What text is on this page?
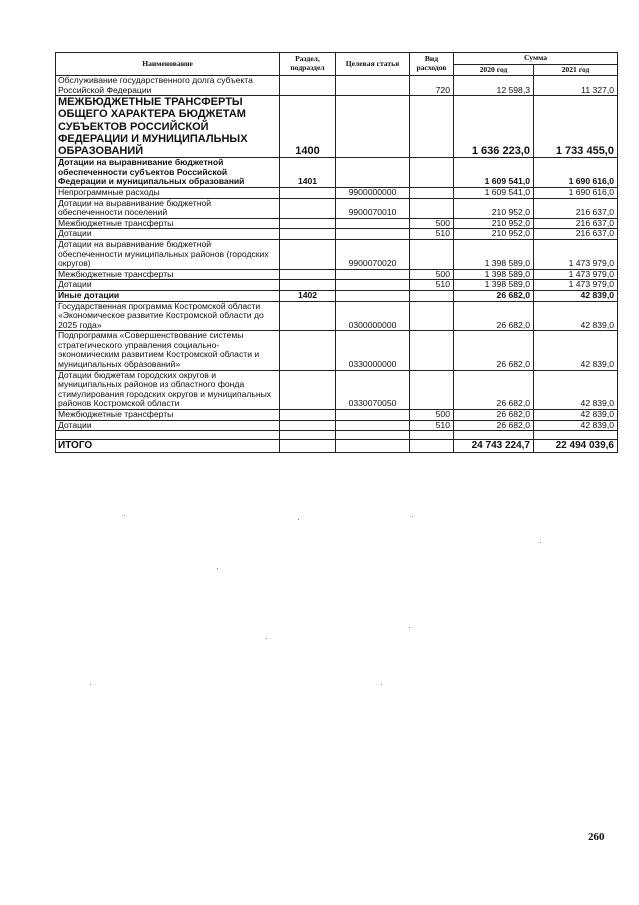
Наименование	Раздел, подраздел	Целевая статья	Вид расходов	Сумма	
				2020 год	2021 год
Обслуживание государственного долга субъекта Российской Федерации			720	12 598,3	11 327,0
МЕЖБЮДЖЕТНЫЕ ТРАНСФЕРТЫ ОБЩЕГО ХАРАКТЕРА БЮДЖЕТАМ СУБЪЕКТОВ РОССИЙСКОЙ ФЕДЕРАЦИИ И МУНИЦИПАЛЬНЫХ ОБРАЗОВАНИЙ	1400			1 636 223,0	1 733 455,0
Дотации на выравнивание бюджетной обеспеченности субъектов Российской Федерации и муниципальных образований	1401			1 609 541,0	1 690 616,0
Непрограммные расходы		9900000000		1 609 541,0	1 690 616,0
Дотации на выравнивание бюджетной обеспеченности поселений		9900070010		210 952,0	216 637,0
Межбюджетные трансферты			500	210 952,0	216 637,0
Дотации			510	210 952,0	216 637,0
Дотации на выравнивание бюджетной обеспеченности муниципальных районов (городских округов)		9900070020		1 398 589,0	1 473 979,0
Межбюджетные трансферты			500	1 398 589,0	1 473 979,0
Дотации			510	1 398 589,0	1 473 979,0
Иные дотации	1402			26 682,0	42 839,0
Государственная программа Костромской области «Экономическое развитие Костромской области до 2025 года»		0300000000		26 682,0	42 839,0
Подпрограмма «Совершенствование системы стратегического управления социально-экономическим развитием Костромской области и муниципальных образований»		0330000000		26 682,0	42 839,0
Дотации бюджетам городских округов и муниципальных районов из областного фонда стимулирования городских округов и муниципальных районов Костромской области		0330070050		26 682,0	42 839,0
Межбюджетные трансферты			500	26 682,0	42 839,0
Дотации			510	26 682,0	42 839,0

ИТОГО				24 743 224,7	22 494 039,6
260
